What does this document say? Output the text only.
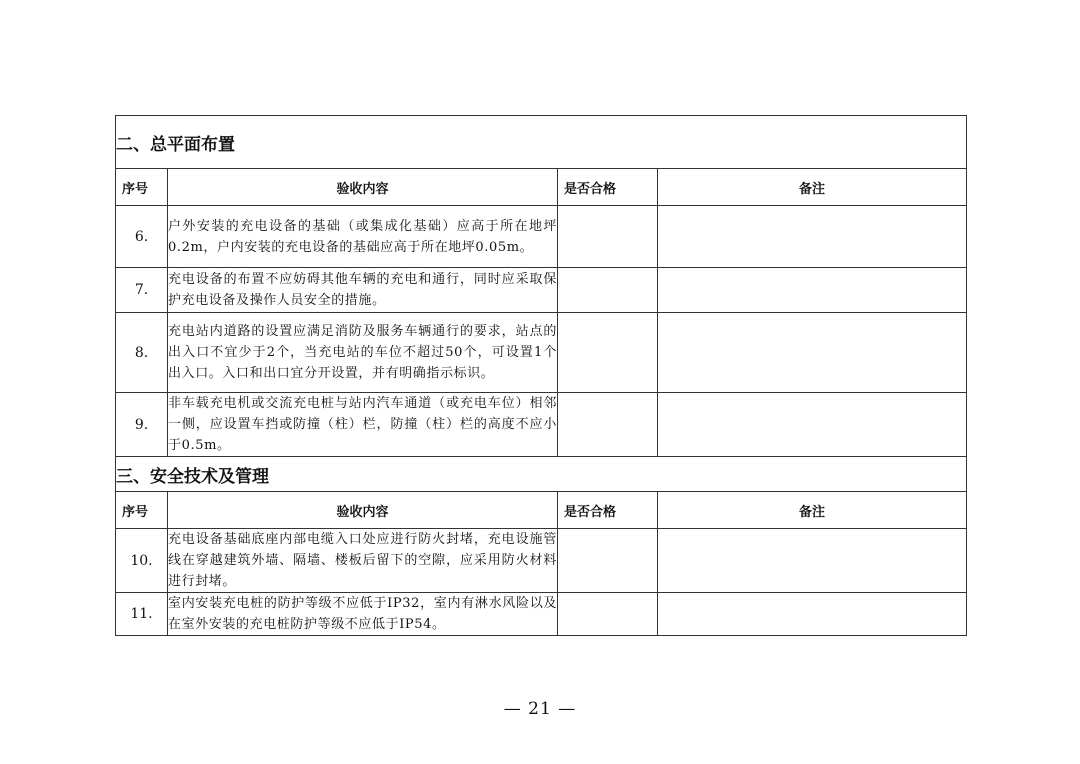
二、总平面布置			
序号	验收内容	是否合格	备注
6.	户外安装的充电设备的基础（或集成化基础）应高于所在地坪0.2m，户内安装的充电设备的基础应高于所在地坪0.05m。		
7.	充电设备的布置不应妨碍其他车辆的充电和通行，同时应采取保护充电设备及操作人员安全的措施。		
8.	充电站内道路的设置应满足消防及服务车辆通行的要求，站点的出入口不宜少于2个，当充电站的车位不超过50个，可设置1个出入口。入口和出口宜分开设置，并有明确指示标识。		
9.	非车载充电机或交流充电桩与站内汽车通道（或充电车位）相邻一侧，应设置车挡或防撞（柱）栏，防撞（柱）栏的高度不应小于0.5m。		
三、安全技术及管理			
序号	验收内容	是否合格	备注
10.	充电设备基础底座内部电缆入口处应进行防火封堵，充电设施管线在穿越建筑外墙、隔墙、楼板后留下的空隙，应采用防火材料进行封堵。		
11.	室内安装充电桩的防护等级不应低于IP32，室内有淋水风险以及在室外安装的充电桩防护等级不应低于IP54。		
— 21 —
